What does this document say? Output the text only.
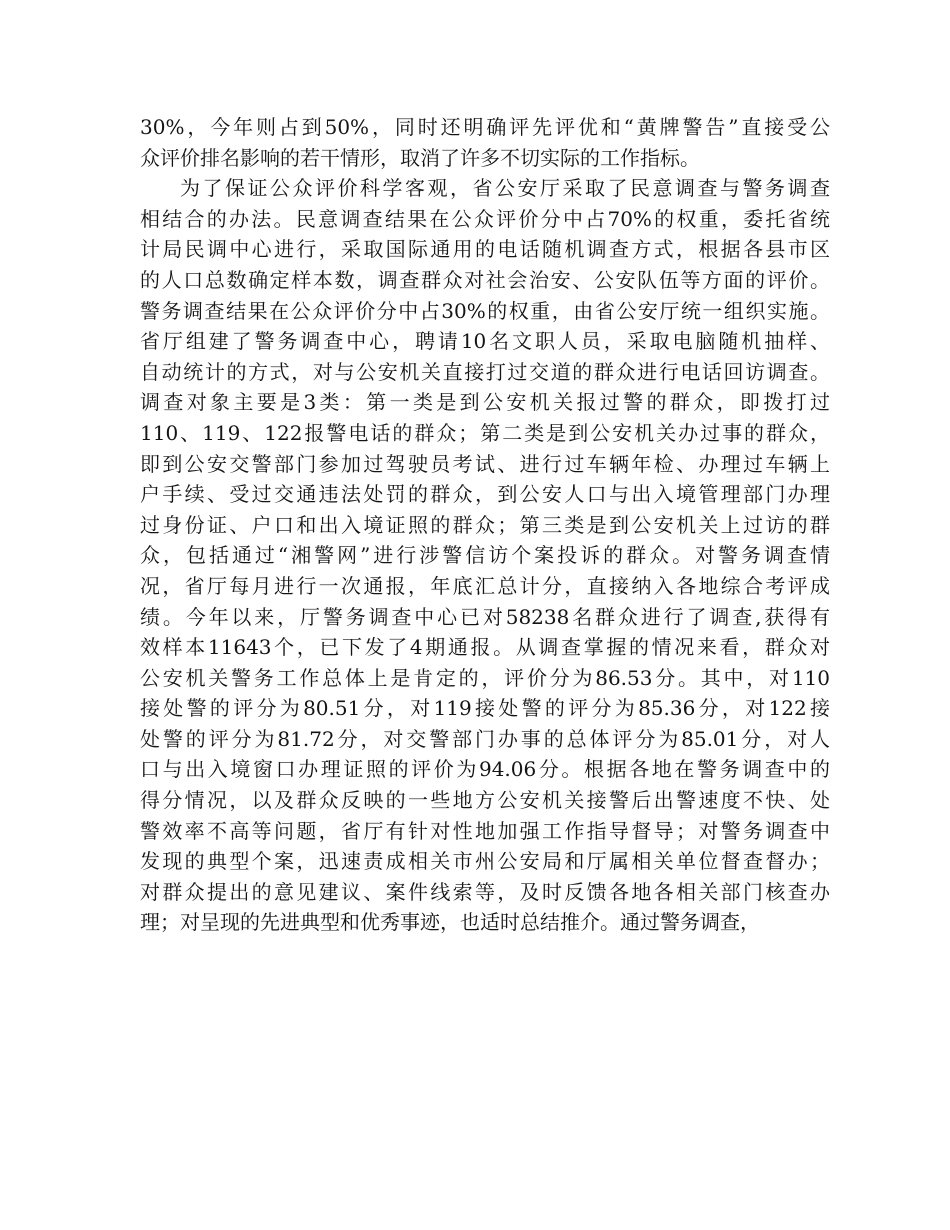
30%，今年则占到50%，同时还明确评先评优和“黄牌警告”直接受公
众评价排名影响的若干情形，取消了许多不切实际的工作指标。
为了保证公众评价科学客观，省公安厅采取了民意调查与警务调查
相结合的办法。民意调查结果在公众评价分中占70%的权重，委托省统
计局民调中心进行，采取国际通用的电话随机调查方式，根据各县市区
的人口总数确定样本数，调查群众对社会治安、公安队伍等方面的评价。
警务调查结果在公众评价分中占30%的权重，由省公安厅统一组织实施。
省厅组建了警务调查中心，聘请10名文职人员，采取电脑随机抽样、
自动统计的方式，对与公安机关直接打过交道的群众进行电话回访调查。
调查对象主要是3类：第一类是到公安机关报过警的群众，即拨打过
110、119、122报警电话的群众；第二类是到公安机关办过事的群众，
即到公安交警部门参加过驾驶员考试、进行过车辆年检、办理过车辆上
户手续、受过交通违法处罚的群众，到公安人口与出入境管理部门办理
过身份证、户口和出入境证照的群众；第三类是到公安机关上过访的群
众，包括通过“湘警网”进行涉警信访个案投诉的群众。对警务调查情
况，省厅每月进行一次通报，年底汇总计分，直接纳入各地综合考评成
绩。今年以来，厅警务调查中心已对58238名群众进行了调查,获得有
效样本11643个，已下发了4期通报。从调查掌握的情况来看，群众对
公安机关警务工作总体上是肯定的，评价分为86.53分。其中，对110
接处警的评分为80.51分，对119接处警的评分为85.36分，对122接
处警的评分为81.72分，对交警部门办事的总体评分为85.01分，对人
口与出入境窗口办理证照的评价为94.06分。根据各地在警务调查中的
得分情况，以及群众反映的一些地方公安机关接警后出警速度不快、处
警效率不高等问题，省厅有针对性地加强工作指导督导；对警务调查中
发现的典型个案，迅速责成相关市州公安局和厅属相关单位督查督办；
对群众提出的意见建议、案件线索等，及时反馈各地各相关部门核查办
理；对呈现的先进典型和优秀事迹，也适时总结推介。通过警务调查，
